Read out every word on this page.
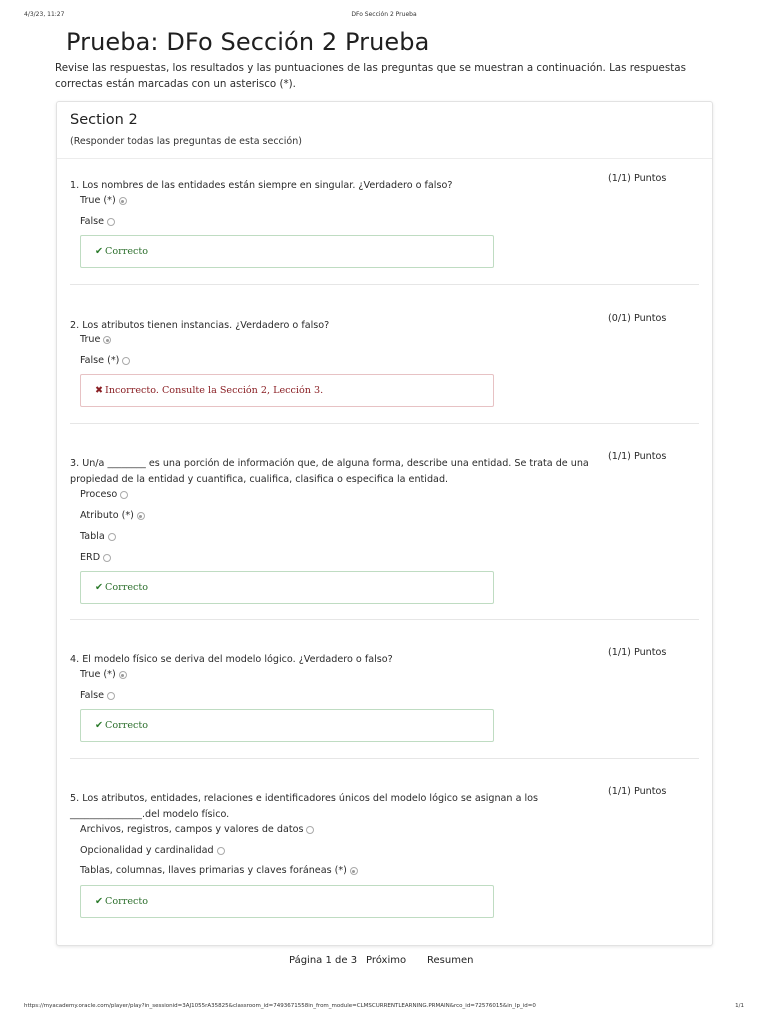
4/3/23, 11:27	DFo Sección 2 Prueba
Prueba: DFo Sección 2 Prueba

Revise las respuestas, los resultados y las puntuaciones de las preguntas que se muestran a continuación. Las respuestas correctas están marcadas con un asterisco (*).

Section 2
(Responder todas las preguntas de esta sección)
1. Los nombres de las entidades están siempre en singular. ¿Verdadero o falso?
(1/1) Puntos
True (*)
False
✔ Correcto
2. Los atributos tienen instancias. ¿Verdadero o falso?
(0/1) Puntos
True
False (*)
✖ Incorrecto. Consulte la Sección 2, Lección 3.
3. Un/a ________ es una porción de información que, de alguna forma, describe una entidad. Se trata de una propiedad de la entidad y cuantifica, cualifica, clasifica o especifica la entidad.
(1/1) Puntos
Proceso
Atributo (*)
Tabla
ERD
✔ Correcto
4. El modelo físico se deriva del modelo lógico. ¿Verdadero o falso?
(1/1) Puntos
True (*)
False
✔ Correcto
5. Los atributos, entidades, relaciones e identificadores únicos del modelo lógico se asignan a los _______________.del modelo físico.
(1/1) Puntos
Archivos, registros, campos y valores de datos
Opcionalidad y cardinalidad
Tablas, columnas, llaves primarias y claves foráneas (*)
✔ Correcto
Página 1 de 3 Próximo Resumen
https://myacademy.oracle.com/player/play?in_sessionid=3AJ1055rA35825&classroom_id=7493671558in_from_module=CLMSCURRENTLEARNING.PRMAIN&rco_id=72576015&in_lp_id=0	1/1
